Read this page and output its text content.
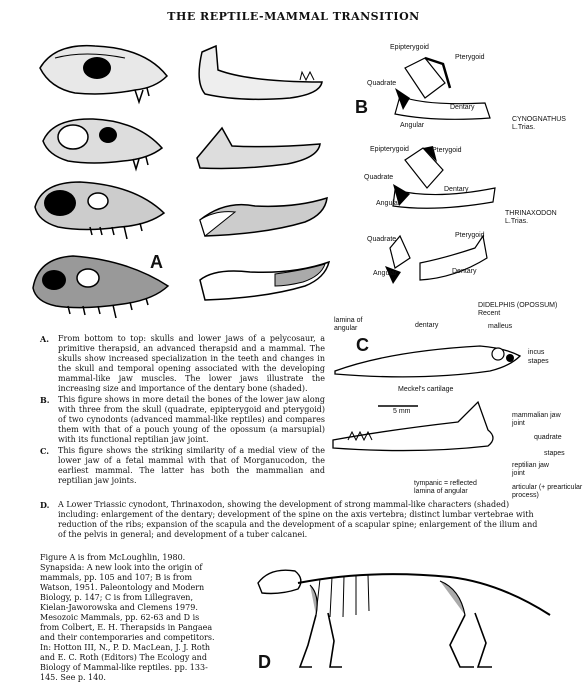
THE REPTILE-MAMMAL TRANSITION
A
Epipterygoid
Pterygoid
Quadrate
Angular
Dentary
CYNOGNATHUS L.Trias.
B
Epipterygoid	Pterygoid
Quadrate
Angular
Dentary
THRINAXODON L.Trias.
Quadrate
Pterygoid
Angular	Dentary
DIDELPHIS (OPOSSUM) Recent
lamina of angular	dentary	malleus
incus
stapes
Meckel's cartilage
C
5 mm
mammalian jaw joint
quadrate
stapes
tympanic = reflected lamina of angular
reptilian jaw joint
articular (+ prearticular process)
A.	From bottom to top: skulls and lower jaws of a pelycosaur, a primitive therapsid, an advanced therapsid and a mammal. The skulls show increased specialization in the teeth and changes in the skull and temporal opening associated with the developing mammal-like jaw muscles. The lower jaws illustrate the increasing size and importance of the dentary bone (shaded).
B.	This figure shows in more detail the bones of the lower jaw along with three from the skull (quadrate, epipterygoid and pterygoid) of two cynodonts (advanced mammal-like reptiles) and compares them with that of a pouch young of the opossum (a marsupial) with its functional reptilian jaw joint.
C.	This figure shows the striking similarity of a medial view of the lower jaw of a fetal mammal with that of Morganucodon, the earliest mammal. The latter has both the mammalian and reptilian jaw joints.
D.	A Lower Triassic cynodont, Thrinaxodon, showing the development of strong mammal-like characters (shaded) including: enlargement of the dentary; development of the spine on the axis vertebra; distinct lumbar vertebrae with reduction of the ribs; expansion of the scapula and the development of a scapular spine; enlargement of the ilium and of the pelvis in general; and development of a tuber calcanei.
Figure A is from McLoughlin, 1980. Synapsida: A new look into the origin of mammals, pp. 105 and 107; B is from Watson, 1951. Paleontology and Modern Biology, p. 147; C is from Lillegraven, Kielan-Jaworowska and Clemens 1979. Mesozoic Mammals, pp. 62-63 and D is from Colbert, E. H. Therapsids in Pangaea and their contemporaries and competitors. In: Hotton III, N., P. D. MacLean, J. J. Roth and E. C. Roth (Editors) The Ecology and Biology of Mammal-like reptiles. pp. 133-145. See p. 140.
D
